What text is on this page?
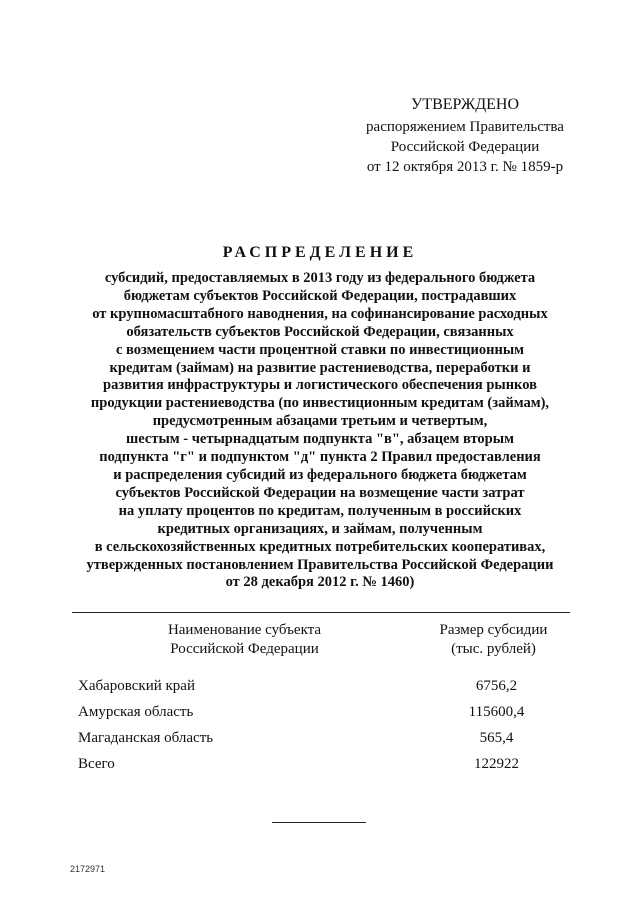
УТВЕРЖДЕНО
распоряжением Правительства
Российской Федерации
от 12 октября 2013 г. № 1859-р
РАСПРЕДЕЛЕНИЕ
субсидий, предоставляемых в 2013 году из федерального бюджета
бюджетам субъектов Российской Федерации, пострадавших
от крупномасштабного наводнения, на софинансирование расходных
обязательств субъектов Российской Федерации, связанных
с возмещением части процентной ставки по инвестиционным
кредитам (займам) на развитие растениеводства, переработки и
развития инфраструктуры и логистического обеспечения рынков
продукции растениеводства (по инвестиционным кредитам (займам),
предусмотренным абзацами третьим и четвертым,
шестым - четырнадцатым подпункта "в", абзацем вторым
подпункта "г" и подпунктом "д" пункта 2 Правил предоставления
и распределения субсидий из федерального бюджета бюджетам
субъектов Российской Федерации на возмещение части затрат
на уплату процентов по кредитам, полученным в российских
кредитных организациях, и займам, полученным
в сельскохозяйственных кредитных потребительских кооперативах,
утвержденных постановлением Правительства Российской Федерации
от 28 декабря 2012 г. № 1460)
Наименование субъекта
Российской Федерации
Размер субсидии
(тыс. рублей)
Хабаровский край	6756,2
Амурская область	115600,4
Магаданская область	565,4
Всего	122922
2172971
